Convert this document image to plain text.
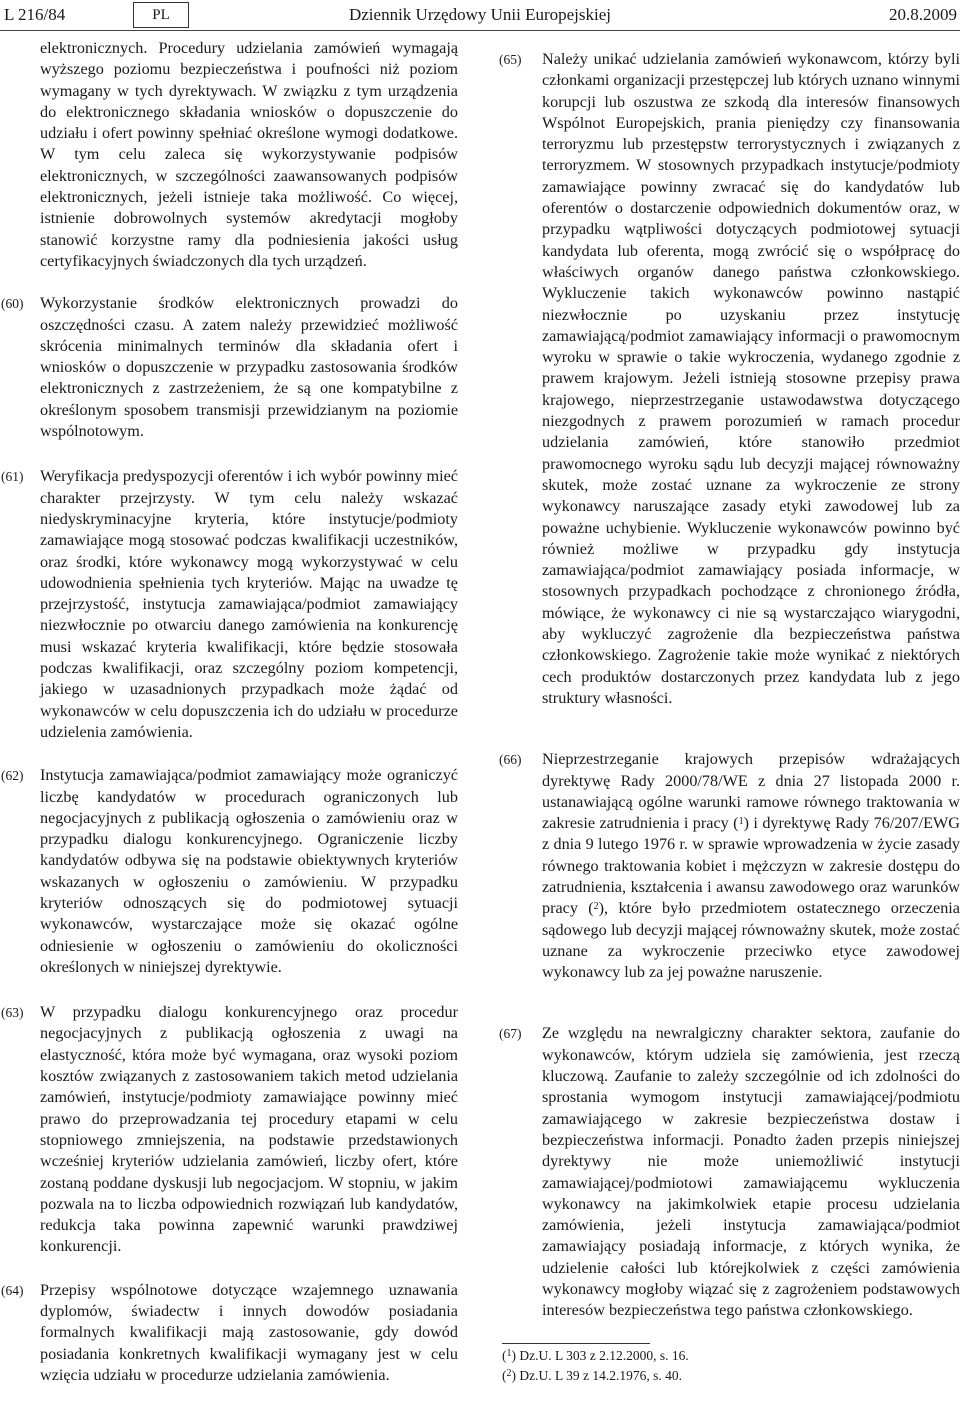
L 216/84	PL	Dziennik Urzędowy Unii Europejskiej	20.8.2009

elektronicznych. Procedury udzielania zamówień wymagają wyższego poziomu bezpieczeństwa i poufności niż poziom wymagany w tych dyrektywach. W związku z tym urządzenia do elektronicznego składania wniosków o dopuszczenie do udziału i ofert powinny spełniać określone wymogi dodatkowe. W tym celu zaleca się wykorzystywanie podpisów elektronicznych, w szczególności zaawansowanych podpisów elektronicznych, jeżeli istnieje taka możliwość. Co więcej, istnienie dobrowolnych systemów akredytacji mogłoby stanowić korzystne ramy dla podniesienia jakości usług certyfikacyjnych świadczonych dla tych urządzeń.

(60) Wykorzystanie środków elektronicznych prowadzi do oszczędności czasu. A zatem należy przewidzieć możliwość skrócenia minimalnych terminów dla składania ofert i wniosków o dopuszczenie w przypadku zastosowania środków elektronicznych z zastrzeżeniem, że są one kompatybilne z określonym sposobem transmisji przewidzianym na poziomie wspólnotowym.

(61) Weryfikacja predyspozycji oferentów i ich wybór powinny mieć charakter przejrzysty. W tym celu należy wskazać niedyskryminacyjne kryteria, które instytucje/podmioty zamawiające mogą stosować podczas kwalifikacji uczestników, oraz środki, które wykonawcy mogą wykorzystywać w celu udowodnienia spełnienia tych kryteriów. Mając na uwadze tę przejrzystość, instytucja zamawiająca/podmiot zamawiający niezwłocznie po otwarciu danego zamówienia na konkurencję musi wskazać kryteria kwalifikacji, które będzie stosowała podczas kwalifikacji, oraz szczególny poziom kompetencji, jakiego w uzasadnionych przypadkach może żądać od wykonawców w celu dopuszczenia ich do udziału w procedurze udzielenia zamówienia.

(62) Instytucja zamawiająca/podmiot zamawiający może ograniczyć liczbę kandydatów w procedurach ograniczonych lub negocjacyjnych z publikacją ogłoszenia o zamówieniu oraz w przypadku dialogu konkurencyjnego. Ograniczenie liczby kandydatów odbywa się na podstawie obiektywnych kryteriów wskazanych w ogłoszeniu o zamówieniu. W przypadku kryteriów odnoszących się do podmiotowej sytuacji wykonawców, wystarczające może się okazać ogólne odniesienie w ogłoszeniu o zamówieniu do okoliczności określonych w niniejszej dyrektywie.

(63) W przypadku dialogu konkurencyjnego oraz procedur negocjacyjnych z publikacją ogłoszenia z uwagi na elastyczność, która może być wymagana, oraz wysoki poziom kosztów związanych z zastosowaniem takich metod udzielania zamówień, instytucje/podmioty zamawiające powinny mieć prawo do przeprowadzania tej procedury etapami w celu stopniowego zmniejszenia, na podstawie przedstawionych wcześniej kryteriów udzielania zamówień, liczby ofert, które zostaną poddane dyskusji lub negocjacjom. W stopniu, w jakim pozwala na to liczba odpowiednich rozwiązań lub kandydatów, redukcja taka powinna zapewnić warunki prawdziwej konkurencji.

(64) Przepisy wspólnotowe dotyczące wzajemnego uznawania dyplomów, świadectw i innych dowodów posiadania formalnych kwalifikacji mają zastosowanie, gdy dowód posiadania konkretnych kwalifikacji wymagany jest w celu wzięcia udziału w procedurze udzielania zamówienia.

(65) Należy unikać udzielania zamówień wykonawcom, którzy byli członkami organizacji przestępczej lub których uznano winnymi korupcji lub oszustwa ze szkodą dla interesów finansowych Wspólnot Europejskich, prania pieniędzy czy finansowania terroryzmu lub przestępstw terrorystycznych i związanych z terroryzmem. W stosownych przypadkach instytucje/podmioty zamawiające powinny zwracać się do kandydatów lub oferentów o dostarczenie odpowiednich dokumentów oraz, w przypadku wątpliwości dotyczących podmiotowej sytuacji kandydata lub oferenta, mogą zwrócić się o współpracę do właściwych organów danego państwa członkowskiego. Wykluczenie takich wykonawców powinno nastąpić niezwłocznie po uzyskaniu przez instytucję zamawiającą/podmiot zamawiający informacji o prawomocnym wyroku w sprawie o takie wykroczenia, wydanego zgodnie z prawem krajowym. Jeżeli istnieją stosowne przepisy prawa krajowego, nieprzestrzeganie ustawodawstwa dotyczącego niezgodnych z prawem porozumień w ramach procedur udzielania zamówień, które stanowiło przedmiot prawomocnego wyroku sądu lub decyzji mającej równoważny skutek, może zostać uznane za wykroczenie ze strony wykonawcy naruszające zasady etyki zawodowej lub za poważne uchybienie. Wykluczenie wykonawców powinno być również możliwe w przypadku gdy instytucja zamawiająca/podmiot zamawiający posiada informacje, w stosownych przypadkach pochodzące z chronionego źródła, mówiące, że wykonawcy ci nie są wystarczająco wiarygodni, aby wykluczyć zagrożenie dla bezpieczeństwa państwa członkowskiego. Zagrożenie takie może wynikać z niektórych cech produktów dostarczonych przez kandydata lub z jego struktury własności.

(66) Nieprzestrzeganie krajowych przepisów wdrażających dyrektywę Rady 2000/78/WE z dnia 27 listopada 2000 r. ustanawiającą ogólne warunki ramowe równego traktowania w zakresie zatrudnienia i pracy ($^1$) i dyrektywę Rady 76/207/EWG z dnia 9 lutego 1976 r. w sprawie wprowadzenia w życie zasady równego traktowania kobiet i mężczyzn w zakresie dostępu do zatrudnienia, kształcenia i awansu zawodowego oraz warunków pracy ($^2$), które było przedmiotem ostatecznego orzeczenia sądowego lub decyzji mającej równoważny skutek, może zostać uznane za wykroczenie przeciwko etyce zawodowej wykonawcy lub za jej poważne naruszenie.

(67) Ze względu na newralgiczny charakter sektora, zaufanie do wykonawców, którym udziela się zamówienia, jest rzeczą kluczową. Zaufanie to zależy szczególnie od ich zdolności do sprostania wymogom instytucji zamawiającej/podmiotu zamawiającego w zakresie bezpieczeństwa dostaw i bezpieczeństwa informacji. Ponadto żaden przepis niniejszej dyrektywy nie może uniemożliwić instytucji zamawiającej/podmiotowi zamawiającemu wykluczenia wykonawcy na jakimkolwiek etapie procesu udzielania zamówienia, jeżeli instytucja zamawiająca/podmiot zamawiający posiadają informacje, z których wynika, że udzielenie całości lub którejkolwiek z części zamówienia wykonawcy mogłoby wiązać się z zagrożeniem podstawowych interesów bezpieczeństwa tego państwa członkowskiego.

($^1$) Dz.U. L 303 z 2.12.2000, s. 16.
($^2$) Dz.U. L 39 z 14.2.1976, s. 40.
